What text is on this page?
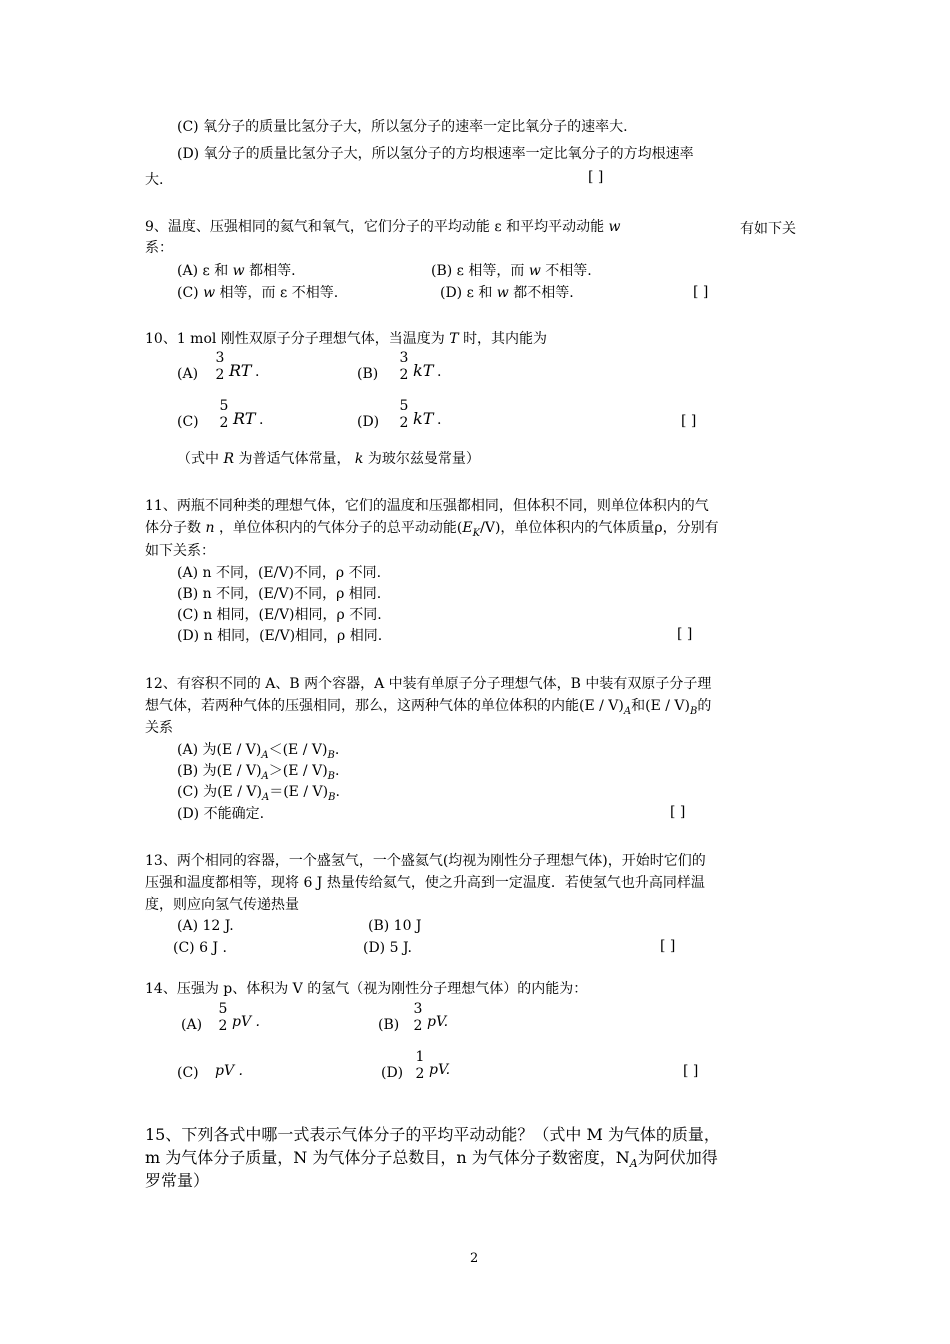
(C) 氧分子的质量比氢分子大，所以氢分子的速率一定比氧分子的速率大.
(D) 氧分子的质量比氢分子大，所以氢分子的方均根速率一定比氧分子的方均根速率
大.	[ ]
9、温度、压强相同的氦气和氧气，它们分子的平均动能 ε 和平均平动动能 w	有如下关
系：
(A) ε 和 w 都相等.	(B) ε 相等，而 w 不相等.
(C) w 相等，而 ε 不相等.	(D) ε 和 w 都不相等.	[ ]
10、1 mol 刚性双原子分子理想气体，当温度为 T 时，其内能为
(A)
3
2 RT .	(B)
3
2 kT .
(C)
5
2 RT .	(D)
5
2 kT .	[ ]
（式中 R 为普适气体常量， k 为玻尔兹曼常量）
11、两瓶不同种类的理想气体，它们的温度和压强都相同，但体积不同，则单位体积内的气
体分子数 n ，单位体积内的气体分子的总平动动能$(E_K/V)$，单位体积内的气体质量ρ，分别有
如下关系：
(A) n 不同，(E/V)不同，ρ 不同.
(B) n 不同，(E/V)不同，ρ 相同.
(C) n 相同，(E/V)相同，ρ 不同.
(D) n 相同，(E/V)相同，ρ 相同.	[ ]
12、有容积不同的 A、B 两个容器，A 中装有单原子分子理想气体，B 中装有双原子分子理
想气体，若两种气体的压强相同，那么，这两种气体的单位体积的内能$(E / V)_A$和$(E / V)_B$的
关系
(A) 为$(E / V)_A<(E / V)_B$.
(B) 为$(E / V)_A>(E / V)_B$.
(C) 为$(E / V)_A=(E / V)_B$.
(D) 不能确定.	[ ]
13、两个相同的容器，一个盛氢气，一个盛氦气(均视为刚性分子理想气体)，开始时它们的
压强和温度都相等，现将 6 J 热量传给氦气，使之升高到一定温度．若使氢气也升高同样温
度，则应向氢气传递热量
(A) 12 J.	(B) 10 J
(C) 6 J .	(D) 5 J.	[ ]
14、压强为 p、体积为 V 的氢气（视为刚性分子理想气体）的内能为：
(A)
5
2 pV .	(B)
3
2 pV.
(C) pV .	(D)
1
2 pV.	[ ]
15、下列各式中哪一式表示气体分子的平均平动动能？（式中 M 为气体的质量，
m 为气体分子质量，N 为气体分子总数目，n 为气体分子数密度，$N_A$为阿伏加得
罗常量）
2
